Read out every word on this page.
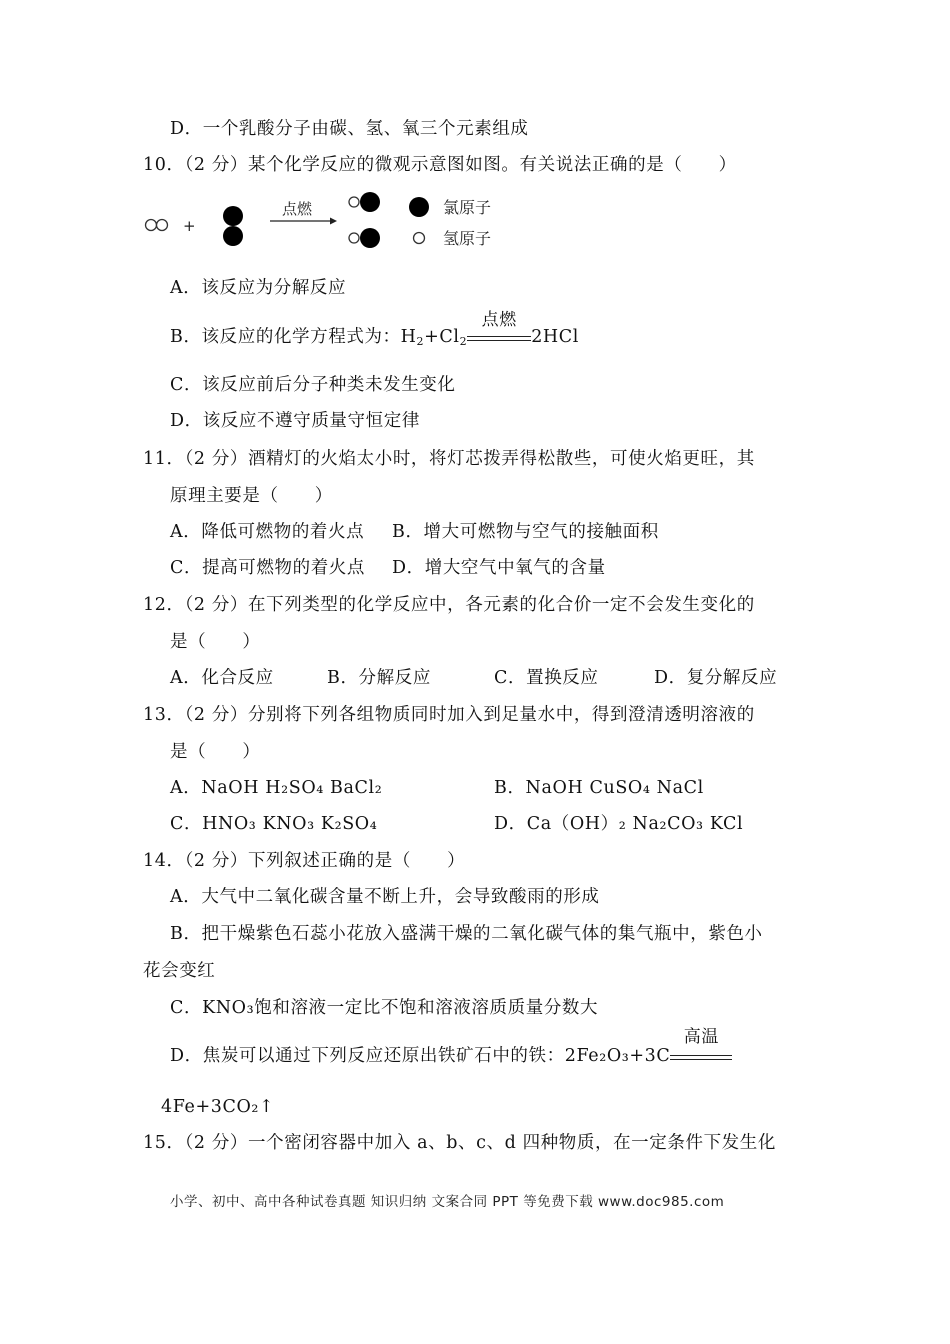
D．一个乳酸分子由碳、氢、氧三个元素组成
10．（2 分）某个化学反应的微观示意图如图。有关说法正确的是（　　）
+
点燃	氯原子
氢原子
A．该反应为分解反应
B．该反应的化学方程式为：$H_2+Cl_2$
点燃
2HCl
C．该反应前后分子种类未发生变化
D．该反应不遵守质量守恒定律
11．（2 分）酒精灯的火焰太小时，将灯芯拨弄得松散些，可使火焰更旺，其
原理主要是（　　）
A．降低可燃物的着火点 B．增大可燃物与空气的接触面积
C．提高可燃物的着火点 D．增大空气中氧气的含量
12．（2 分）在下列类型的化学反应中，各元素的化合价一定不会发生变化的
是（　　）
A．化合反应	B．分解反应	C．置换反应	D．复分解反应
13．（2 分）分别将下列各组物质同时加入到足量水中，得到澄清透明溶液的
是（　　）
A．NaOH H₂SO₄ BaCl₂	B．NaOH CuSO₄ NaCl
C．HNO₃ KNO₃ K₂SO₄	D．Ca（OH）₂ Na₂CO₃ KCl
14．（2 分）下列叙述正确的是（　　）
A．大气中二氧化碳含量不断上升，会导致酸雨的形成
B．把干燥紫色石蕊小花放入盛满干燥的二氧化碳气体的集气瓶中，紫色小
花会变红
C．KNO₃饱和溶液一定比不饱和溶液溶质质量分数大
D．焦炭可以通过下列反应还原出铁矿石中的铁：2Fe₂O₃+3C
高温
4Fe+3CO₂↑
15．（2 分）一个密闭容器中加入 a、b、c、d 四种物质，在一定条件下发生化
小学、初中、高中各种试卷真题 知识归纳 文案合同 PPT 等免费下载 www.doc985.com
